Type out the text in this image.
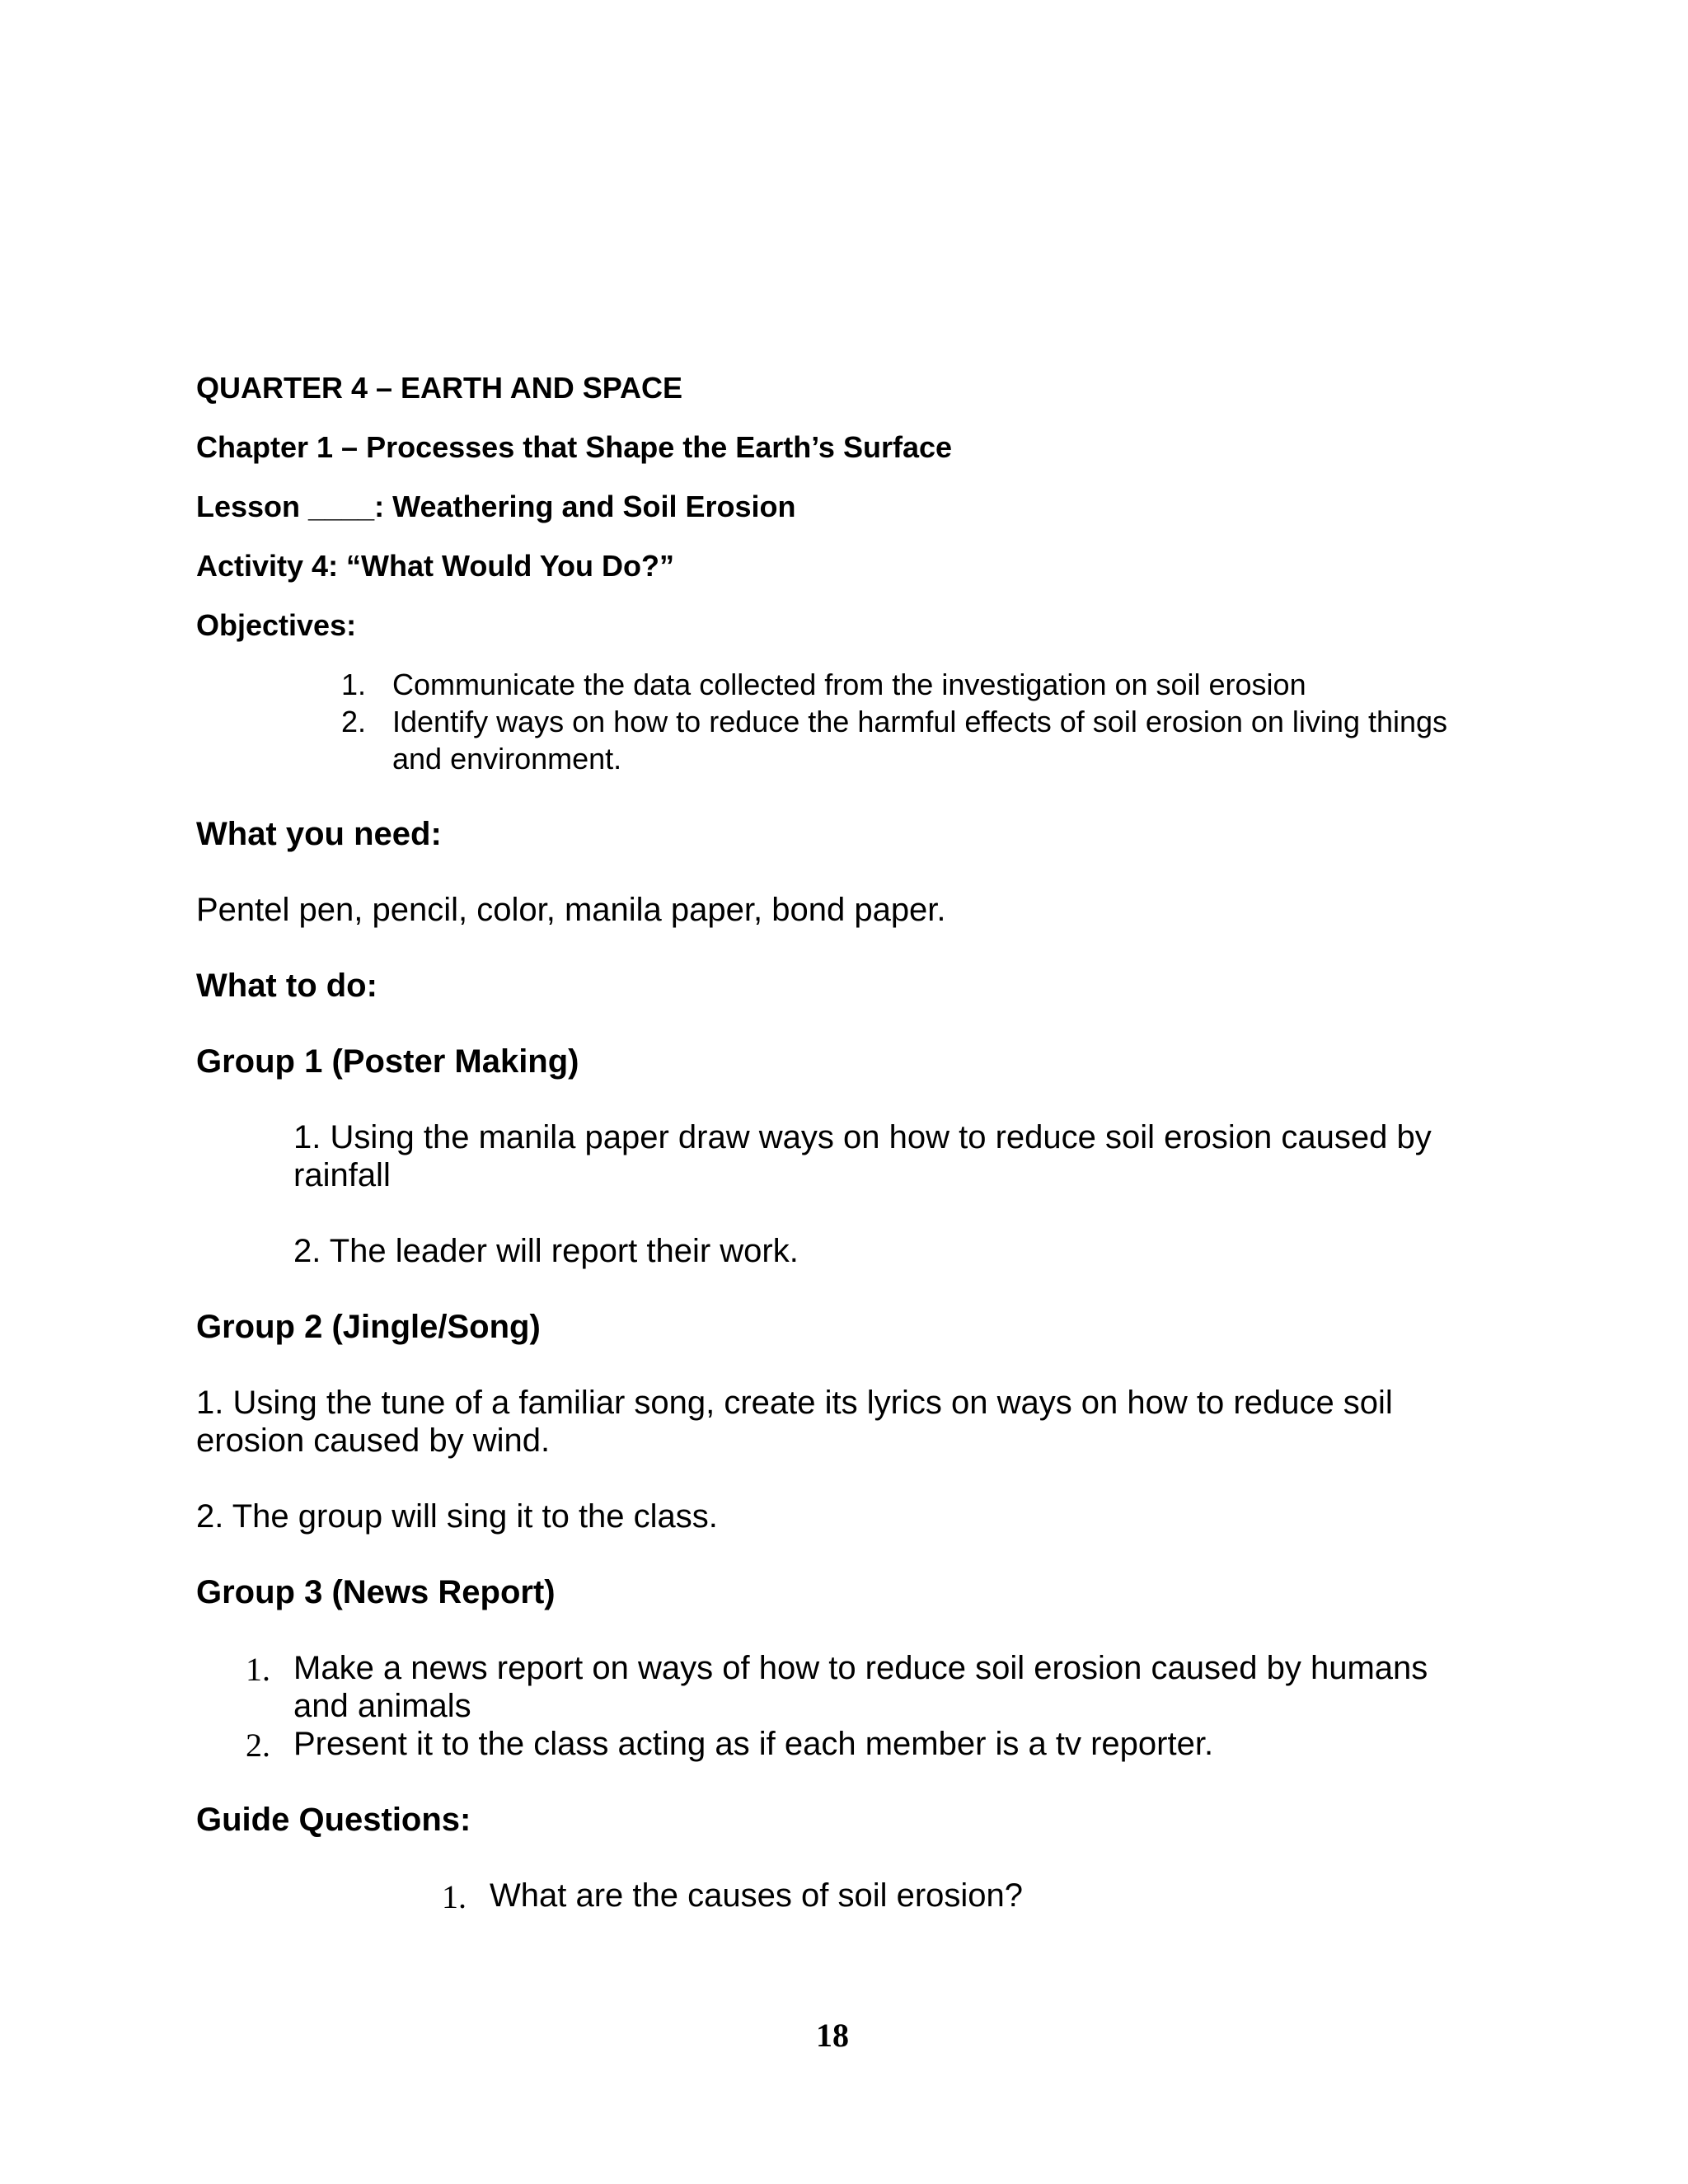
QUARTER 4 – EARTH AND SPACE
Chapter 1 – Processes that Shape the Earth’s Surface
Lesson ____: Weathering and Soil Erosion
Activity 4: “What Would You Do?”
Objectives:
1. Communicate the data collected from the investigation on soil erosion
2. Identify ways on how to reduce the harmful effects of soil erosion on living things
and environment.
What you need:
Pentel pen, pencil, color, manila paper, bond paper.
What to do:
Group 1 (Poster Making)
1. Using the manila paper draw ways on how to reduce soil erosion caused by
rainfall
2. The leader will report their work.
Group 2 (Jingle/Song)
1. Using the tune of a familiar song, create its lyrics on ways on how to reduce soil
erosion caused by wind.
2. The group will sing it to the class.
Group 3 (News Report)
1. Make a news report on ways of how to reduce soil erosion caused by humans
and animals
2. Present it to the class acting as if each member is a tv reporter.
Guide Questions:
1. What are the causes of soil erosion?
18
